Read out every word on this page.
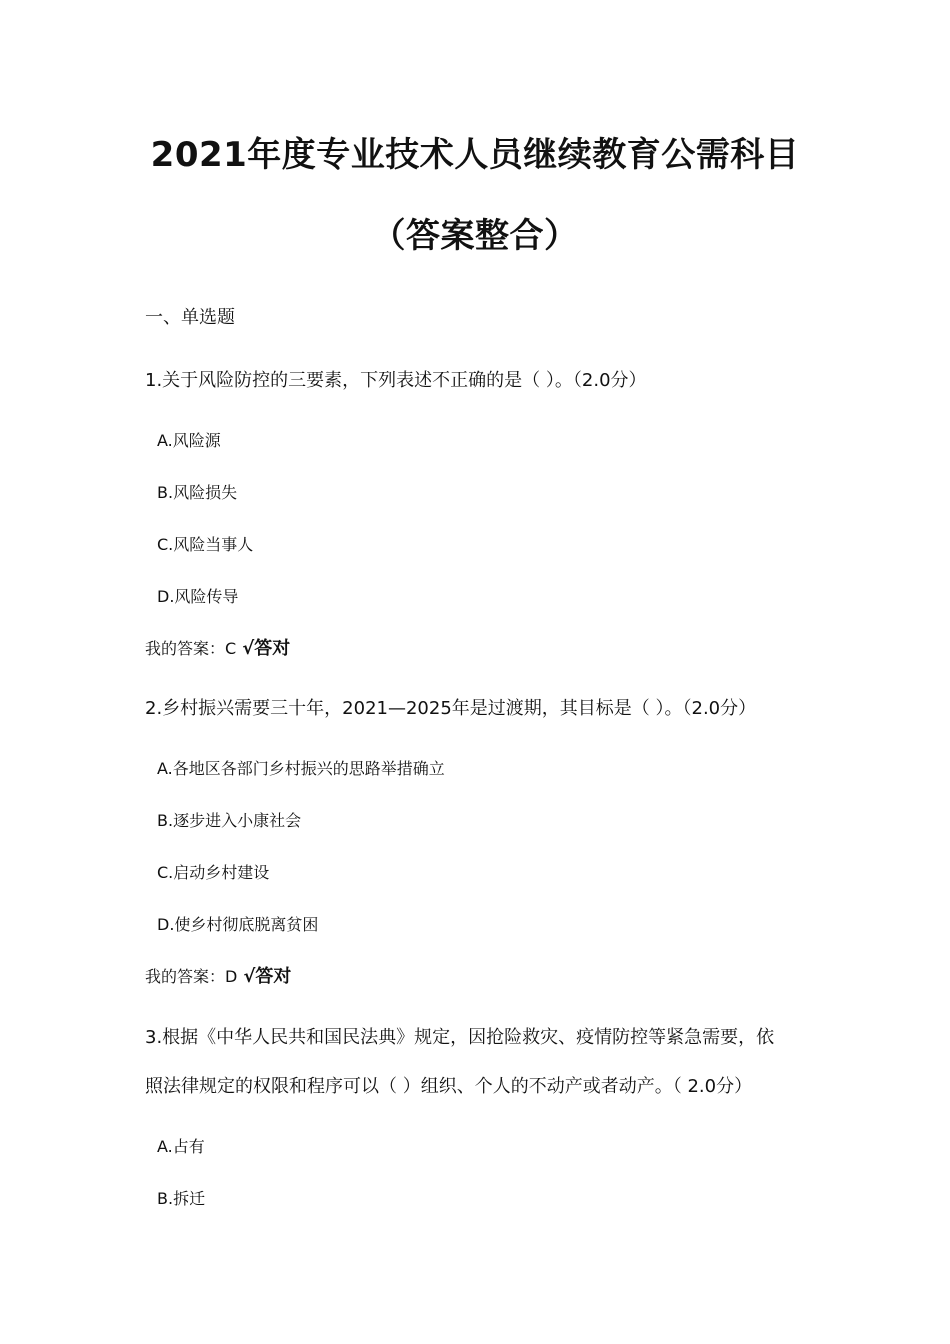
2021年度专业技术人员继续教育公需科目
（答案整合）
一、单选题
1.关于风险防控的三要素，下列表述不正确的是（ ）。（2.0分）
A.风险源
B.风险损失
C.风险当事人
D.风险传导
我的答案：C √答对
2.乡村振兴需要三十年，2021—2025年是过渡期，其目标是（ ）。（2.0分）
A.各地区各部门乡村振兴的思路举措确立
B.逐步进入小康社会
C.启动乡村建设
D.使乡村彻底脱离贫困
我的答案：D √答对
3.根据《中华人民共和国民法典》规定，因抢险救灾、疫情防控等紧急需要，依
照法律规定的权限和程序可以（ ）组织、个人的不动产或者动产。（ 2.0分）
A.占有
B.拆迁
